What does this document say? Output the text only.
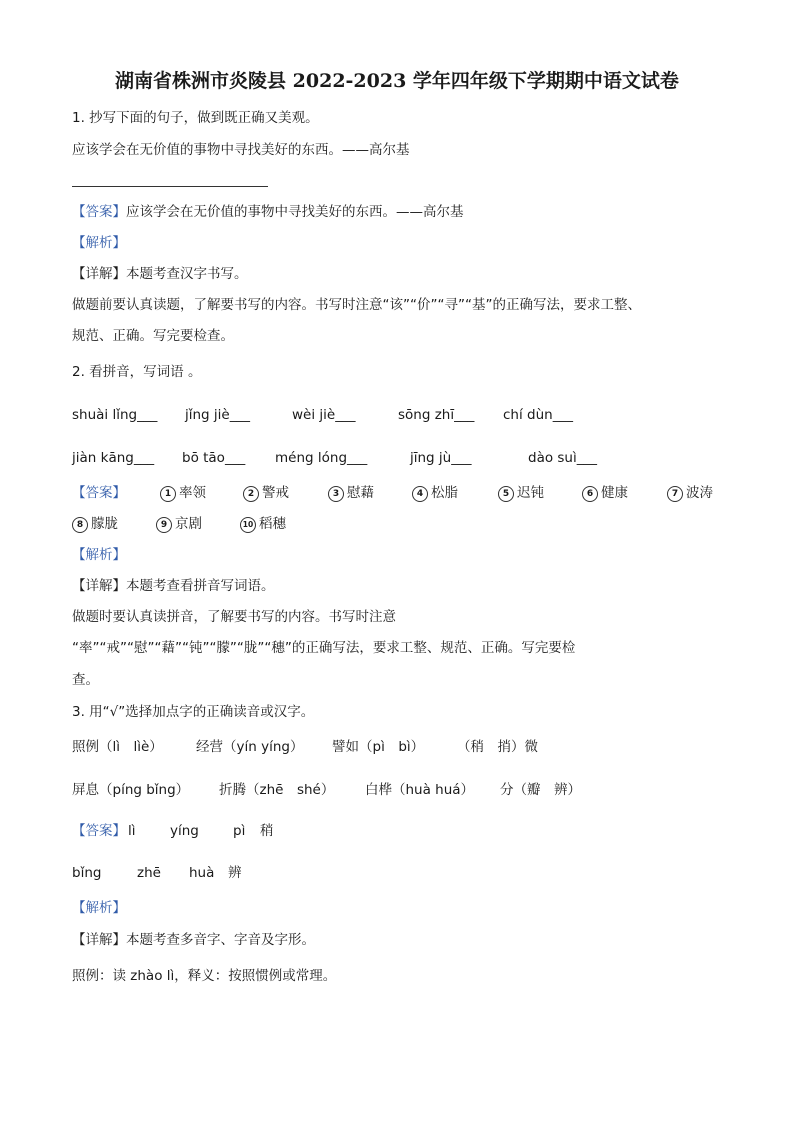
湖南省株洲市炎陵县 2022-2023 学年四年级下学期期中语文试卷
1. 抄写下面的句子，做到既正确又美观。
应该学会在无价值的事物中寻找美好的东西。——高尔基
【答案】应该学会在无价值的事物中寻找美好的东西。——高尔基
【解析】
【详解】本题考查汉字书写。
做题前要认真读题，了解要书写的内容。书写时注意“该”“价”“寻”“基”的正确写法，要求工整、
规范、正确。写完要检查。
2. 看拼音，写词语 。
shuài lǐng___ jǐng jiè___	wèi jiè___	sōng zhī___ chí dùn___
jiàn kāng___ bō tāo___ méng lóng___	jīng jù___	dào suì___
【答案】	1 率领	2 警戒	3 慰藉	4 松脂	5 迟钝	6 健康	7 波涛
8 朦胧	9 京剧	10 稻穗
【解析】
【详解】本题考查看拼音写词语。
做题时要认真读拼音，了解要书写的内容。书写时注意
“率”“戒”“慰”“藉”“钝”“朦”“胧”“穗”的正确写法，要求工整、规范、正确。写完要检
查。
3. 用“√”选择加点字的正确读音或汉字。
照例（lì　lìè） 经营（yín yíng） 譬如（pì　bì） （稍　捎）微
屏息（píng bǐng） 折腾（zhē　shé） 白桦（huà huá） 分（瓣　辨）
【答案】 lì	yíng	pì 稍
bǐng	zhē huà 辨
【解析】
【详解】本题考查多音字、字音及字形。
照例：读 zhào lì，释义：按照惯例或常理。
